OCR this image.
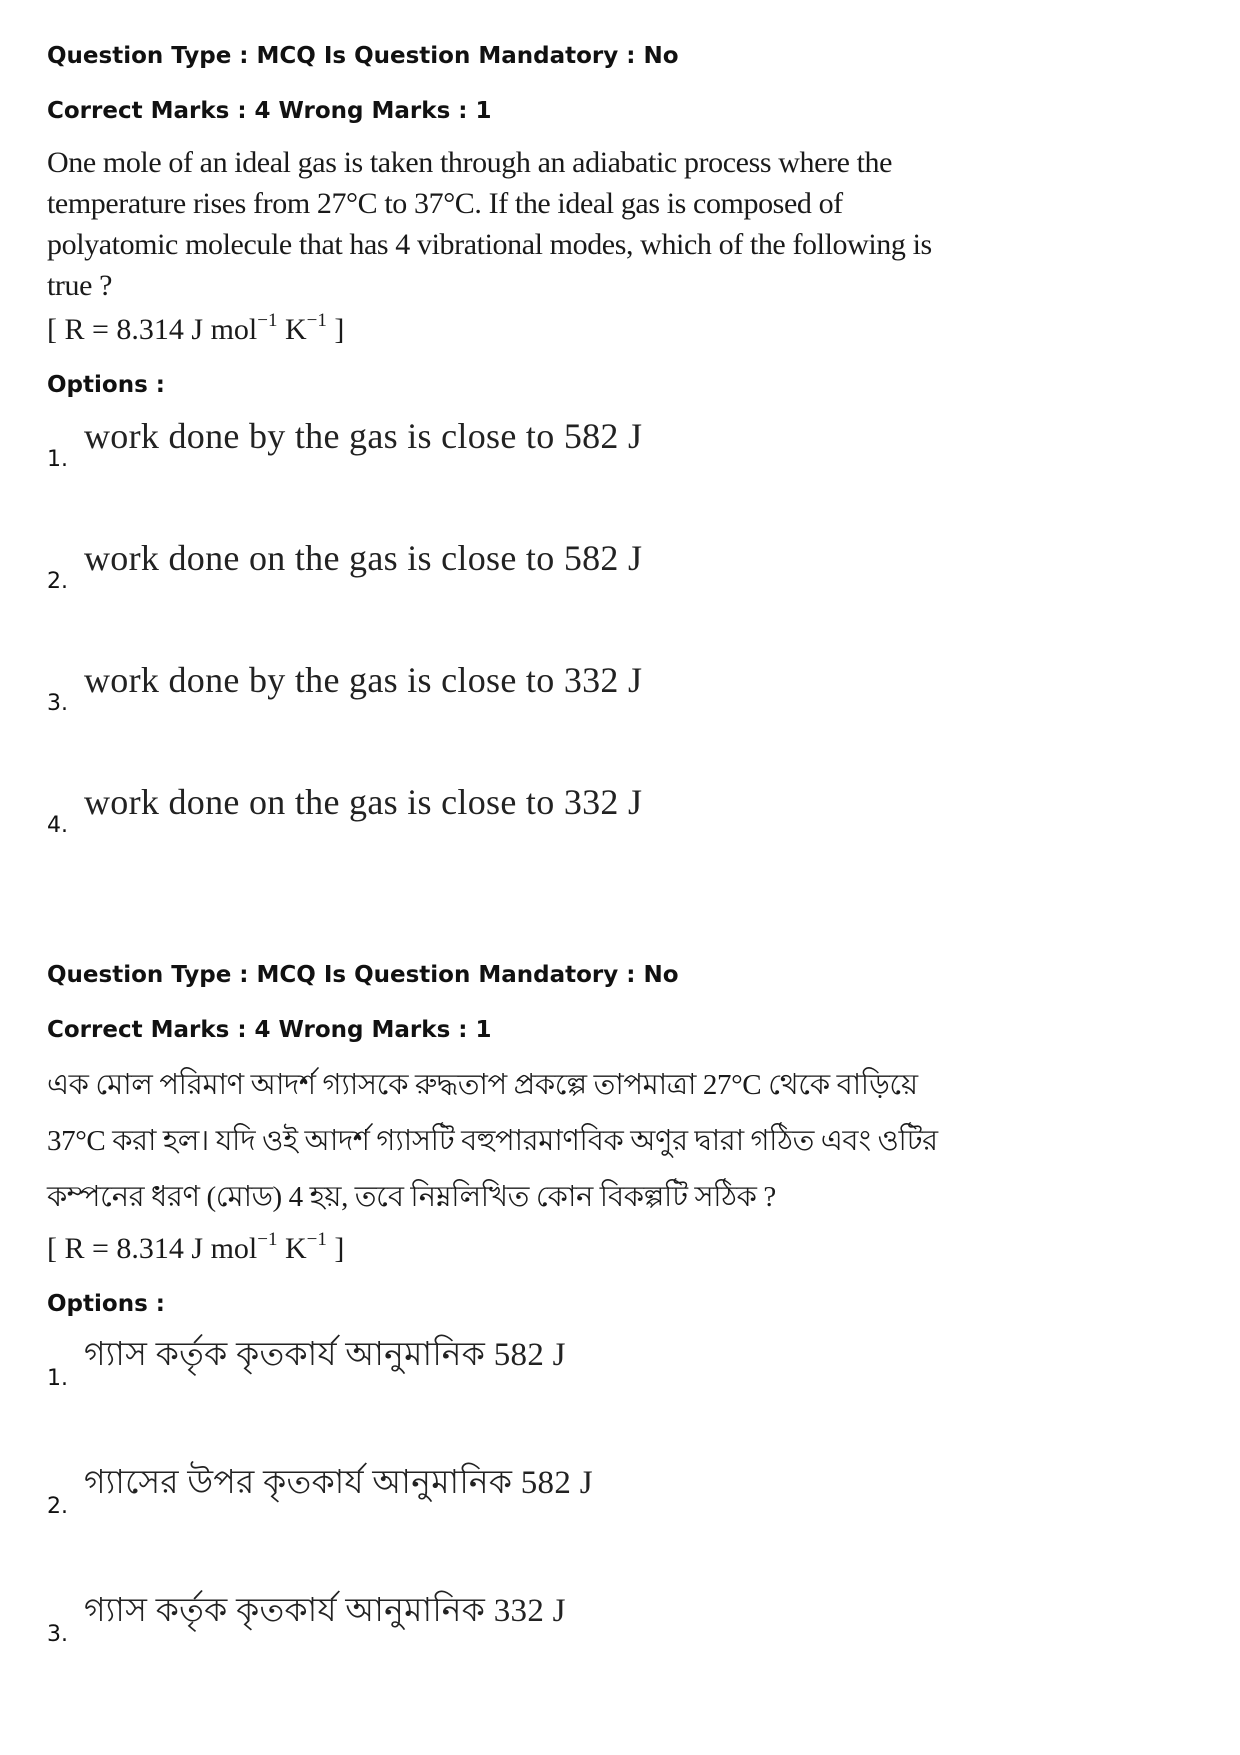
Question Type : MCQ Is Question Mandatory : No
Correct Marks : 4 Wrong Marks : 1
One mole of an ideal gas is taken through an adiabatic process where the temperature rises from 27°C to 37°C. If the ideal gas is composed of polyatomic molecule that has 4 vibrational modes, which of the following is true ?
[ R = 8.314 J mol$^{-1}$ $K^{-1}$ ]
Options :
1.
work done by the gas is close to 582 J
2.
work done on the gas is close to 582 J
3.
work done by the gas is close to 332 J
4.
work done on the gas is close to 332 J
Question Type : MCQ Is Question Mandatory : No
Correct Marks : 4 Wrong Marks : 1
এক মোল পরিমাণ আদর্শ গ্যাসকে রুদ্ধতাপ প্রকল্পে তাপমাত্রা 27°C থেকে বাড়িয়ে 37°C করা হল। যদি ওই আদর্শ গ্যাসটি বহুপারমাণবিক অণুর দ্বারা গঠিত এবং ওটির কম্পনের ধরণ (মোড) 4 হয়, তবে নিম্নলিখিত কোন বিকল্পটি সঠিক ?
[ R = 8.314 J mol$^{-1}$ $K^{-1}$ ]
Options :
1.
গ্যাস কর্তৃক কৃতকার্য আনুমানিক 582 J
2.
গ্যাসের উপর কৃতকার্য আনুমানিক 582 J
3.
গ্যাস কর্তৃক কৃতকার্য আনুমানিক 332 J
